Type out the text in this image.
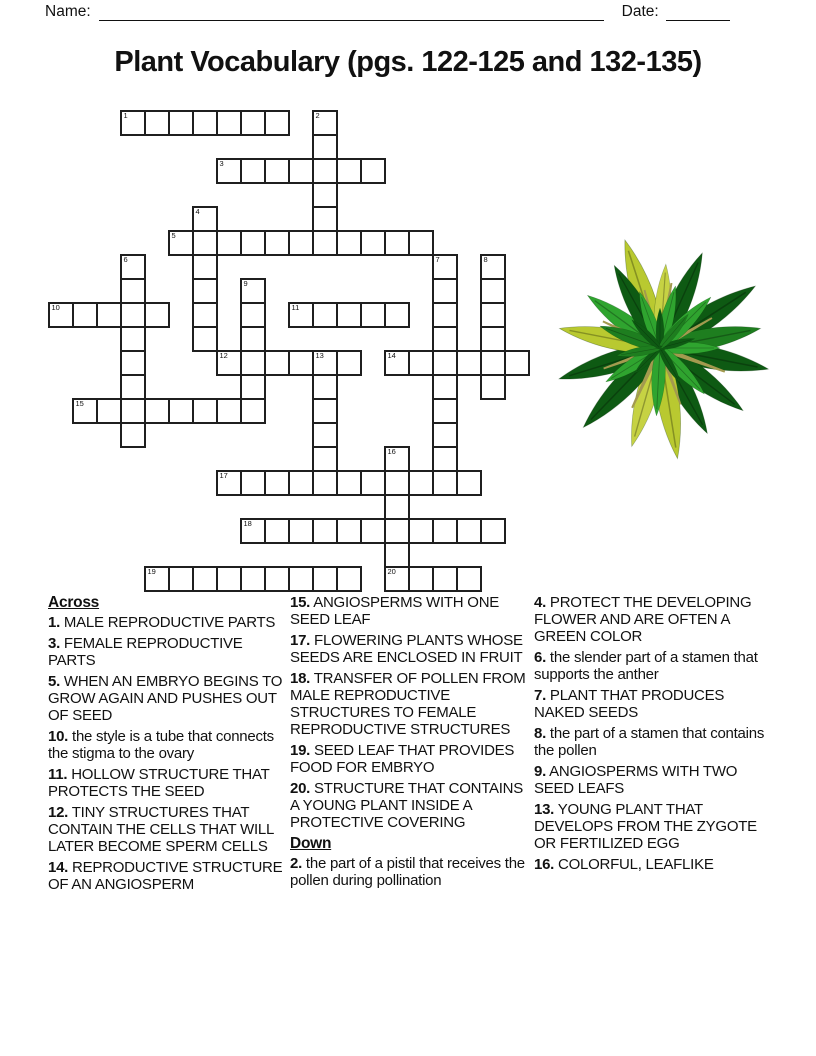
Name:	Date:
Plant Vocabulary (pgs. 122-125 and 132-135)
1	2
3
4
5
6	7	8
9
10	11
12	13	14
15
16
20
17
18
19
Across
1. MALE REPRODUCTIVE PARTS
3. FEMALE REPRODUCTIVE PARTS
5. WHEN AN EMBRYO BEGINS TO GROW AGAIN AND PUSHES OUT OF SEED
10. the style is a tube that connects the stigma to the ovary
11. HOLLOW STRUCTURE THAT PROTECTS THE SEED
12. TINY STRUCTURES THAT CONTAIN THE CELLS THAT WILL LATER BECOME SPERM CELLS
14. REPRODUCTIVE STRUCTURE OF AN ANGIOSPERM
15. ANGIOSPERMS WITH ONE SEED LEAF
17. FLOWERING PLANTS WHOSE SEEDS ARE ENCLOSED IN FRUIT
18. TRANSFER OF POLLEN FROM MALE REPRODUCTIVE STRUCTURES TO FEMALE REPRODUCTIVE STRUCTURES
19. SEED LEAF THAT PROVIDES FOOD FOR EMBRYO
20. STRUCTURE THAT CONTAINS A YOUNG PLANT INSIDE A PROTECTIVE COVERING
Down
2. the part of a pistil that receives the pollen during pollination
4. PROTECT THE DEVELOPING FLOWER AND ARE OFTEN A GREEN COLOR
6. the slender part of a stamen that supports the anther
7. PLANT THAT PRODUCES NAKED SEEDS
8. the part of a stamen that contains the pollen
9. ANGIOSPERMS WITH TWO SEED LEAFS
13. YOUNG PLANT THAT DEVELOPS FROM THE ZYGOTE OR FERTILIZED EGG
16. COLORFUL, LEAFLIKE
